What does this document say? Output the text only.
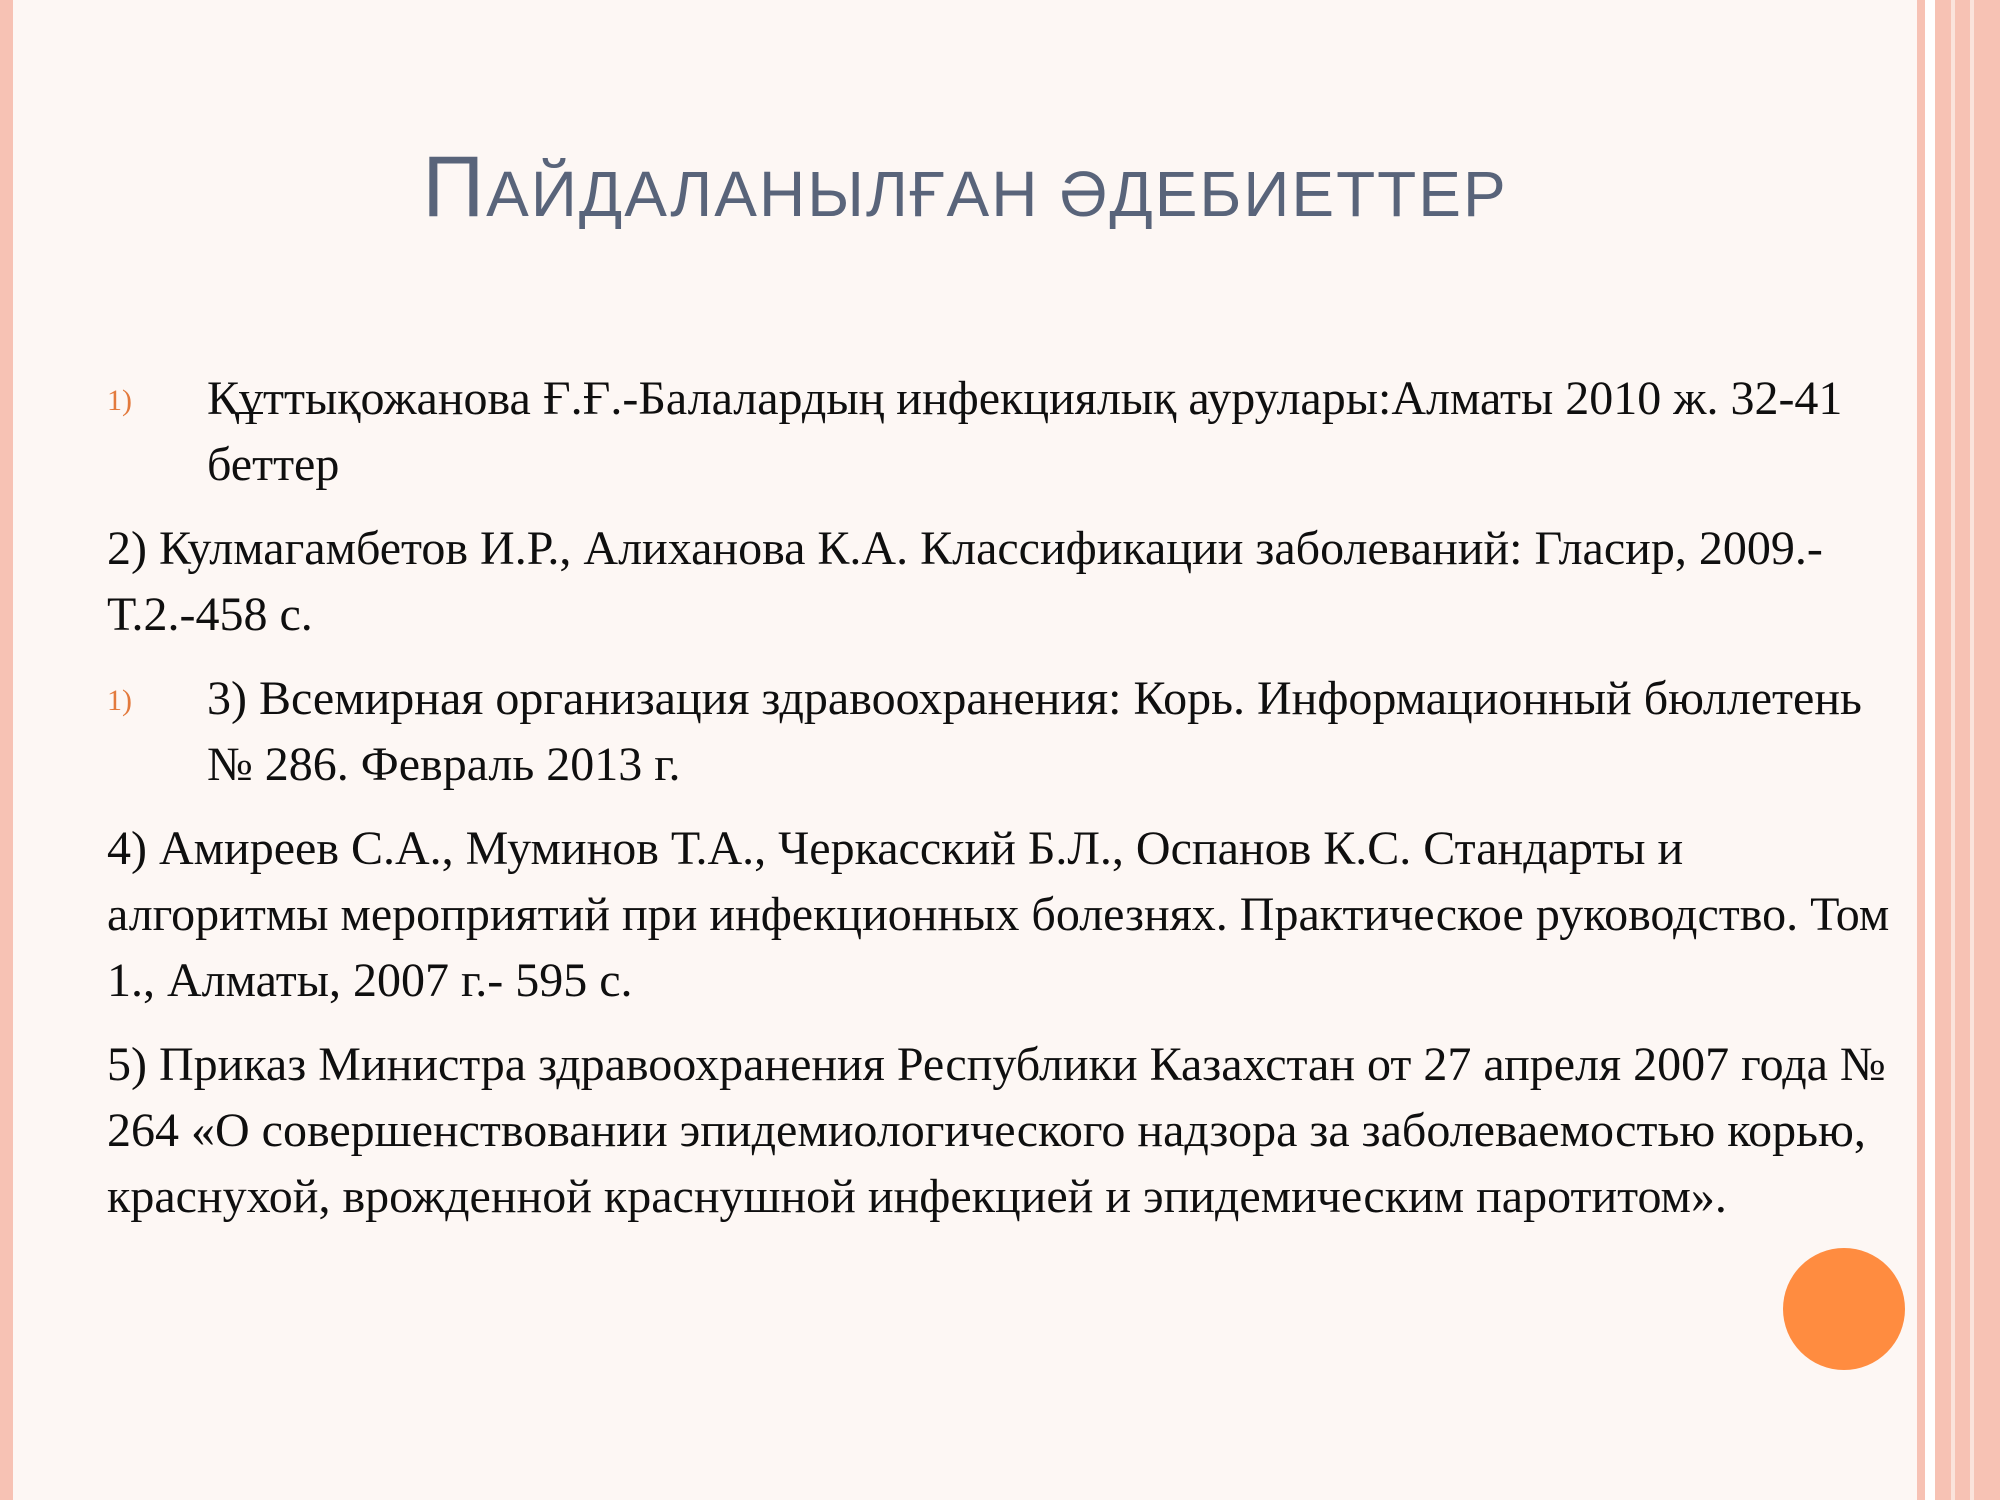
ПАЙДАЛАНЫЛҒАН ӘДЕБИЕТТЕР
1) Құттықожанова Ғ.Ғ.-Балалардың инфекциялық аурулары:Алматы 2010 ж. 32-41 беттер
2) Кулмагамбетов И.Р., Алиханова К.А. Классификации заболеваний: Гласир, 2009.-Т.2.-458 с.
1) 3) Всемирная организация здравоохранения: Корь. Информационный бюллетень № 286. Февраль 2013 г.
4) Амиреев С.А., Муминов Т.А., Черкасский Б.Л., Оспанов К.С. Стандарты и алгоритмы мероприятий при инфекционных болезнях. Практическое руководство. Том 1., Алматы, 2007 г.- 595 с.
5) Приказ Министра здравоохранения Республики Казахстан от 27 апреля 2007 года № 264 «О совершенствовании эпидемиологического надзора за заболеваемостью корью, краснухой, врожденной краснушной инфекцией и эпидемическим паротитом».
